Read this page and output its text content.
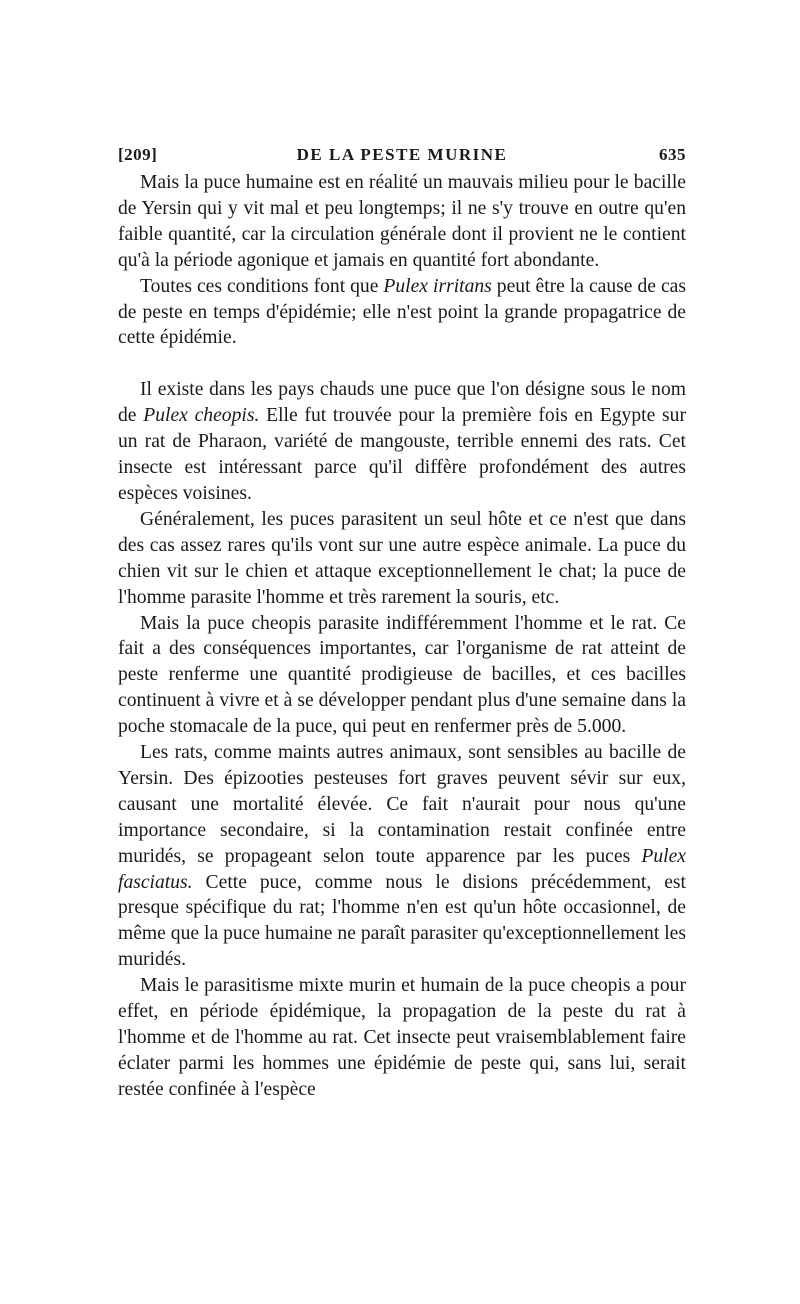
[209]	DE LA PESTE MURINE	635

Mais la puce humaine est en réalité un mauvais milieu pour le bacille de Yersin qui y vit mal et peu longtemps; il ne s'y trouve en outre qu'en faible quantité, car la circulation générale dont il provient ne le contient qu'à la période agonique et jamais en quantité fort abondante.

Toutes ces conditions font que Pulex irritans peut être la cause de cas de peste en temps d'épidémie; elle n'est point la grande propagatrice de cette épidémie.

Il existe dans les pays chauds une puce que l'on désigne sous le nom de Pulex cheopis. Elle fut trouvée pour la première fois en Egypte sur un rat de Pharaon, variété de mangouste, terrible ennemi des rats. Cet insecte est intéressant parce qu'il diffère profondément des autres espèces voisines.

Généralement, les puces parasitent un seul hôte et ce n'est que dans des cas assez rares qu'ils vont sur une autre espèce animale. La puce du chien vit sur le chien et attaque exceptionnellement le chat; la puce de l'homme parasite l'homme et très rarement la souris, etc.

Mais la puce cheopis parasite indifféremment l'homme et le rat. Ce fait a des conséquences importantes, car l'organisme de rat atteint de peste renferme une quantité prodigieuse de bacilles, et ces bacilles continuent à vivre et à se développer pendant plus d'une semaine dans la poche stomacale de la puce, qui peut en renfermer près de 5.000.

Les rats, comme maints autres animaux, sont sensibles au bacille de Yersin. Des épizooties pesteuses fort graves peuvent sévir sur eux, causant une mortalité élevée. Ce fait n'aurait pour nous qu'une importance secondaire, si la contamination restait confinée entre muridés, se propageant selon toute apparence par les puces Pulex fasciatus. Cette puce, comme nous le disions précédemment, est presque spécifique du rat; l'homme n'en est qu'un hôte occasionnel, de même que la puce humaine ne paraît parasiter qu'exceptionnellement les muridés.

Mais le parasitisme mixte murin et humain de la puce cheopis a pour effet, en période épidémique, la propagation de la peste du rat à l'homme et de l'homme au rat. Cet insecte peut vraisemblablement faire éclater parmi les hommes une épidémie de peste qui, sans lui, serait restée confinée à l'espèce
